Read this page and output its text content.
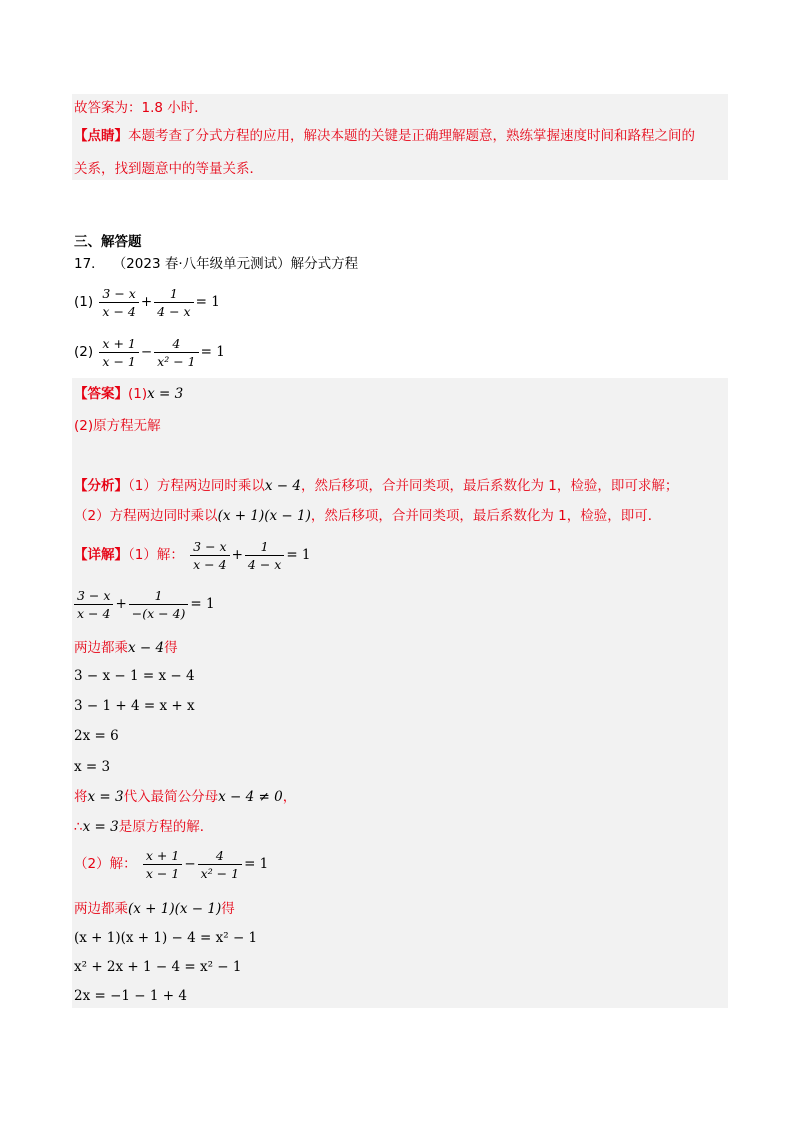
故答案为：1.8 小时．
【点睛】本题考查了分式方程的应用，解决本题的关键是正确理解题意，熟练掌握速度时间和路程之间的
关系，找到题意中的等量关系．
三、解答题
17． （2023 春·八年级单元测试）解分式方程
$(1) \frac{3 - x}{x - 4} + \frac{1}{4 - x} = 1$
$(2) \frac{x + 1}{x - 1} - \frac{4}{\text{x² − 1}} = 1$
【答案】(1)x = 3
(2)原方程无解
【分析】（1）方程两边同时乘以x − 4，然后移项，合并同类项，最后系数化为 1，检验，即可求解；
（2）方程两边同时乘以(x + 1)(x − 1)，然后移项，合并同类项，最后系数化为 1，检验，即可．
【详解】（1）解： $\frac{3 - x}{x - 4} + \frac{1}{4 - x} = 1$
$\frac{3 - x}{x - 4} + \frac{1}{-(x - 4)} = 1$
两边都乘x − 4得
3 − x − 1 = x − 4
3 − 1 + 4 = x + x
2x = 6
x = 3
将x = 3代入最简公分母x − 4 ≠ 0，
∴x = 3是原方程的解．
（2）解： $\frac{x + 1}{x - 1} - \frac{4}{\text{x² − 1}} = 1$
两边都乘(x + 1)(x − 1)得
(x + 1)(x + 1) − 4 = x² − 1
x² + 2x + 1 − 4 = x² − 1
2x = −1 − 1 + 4
